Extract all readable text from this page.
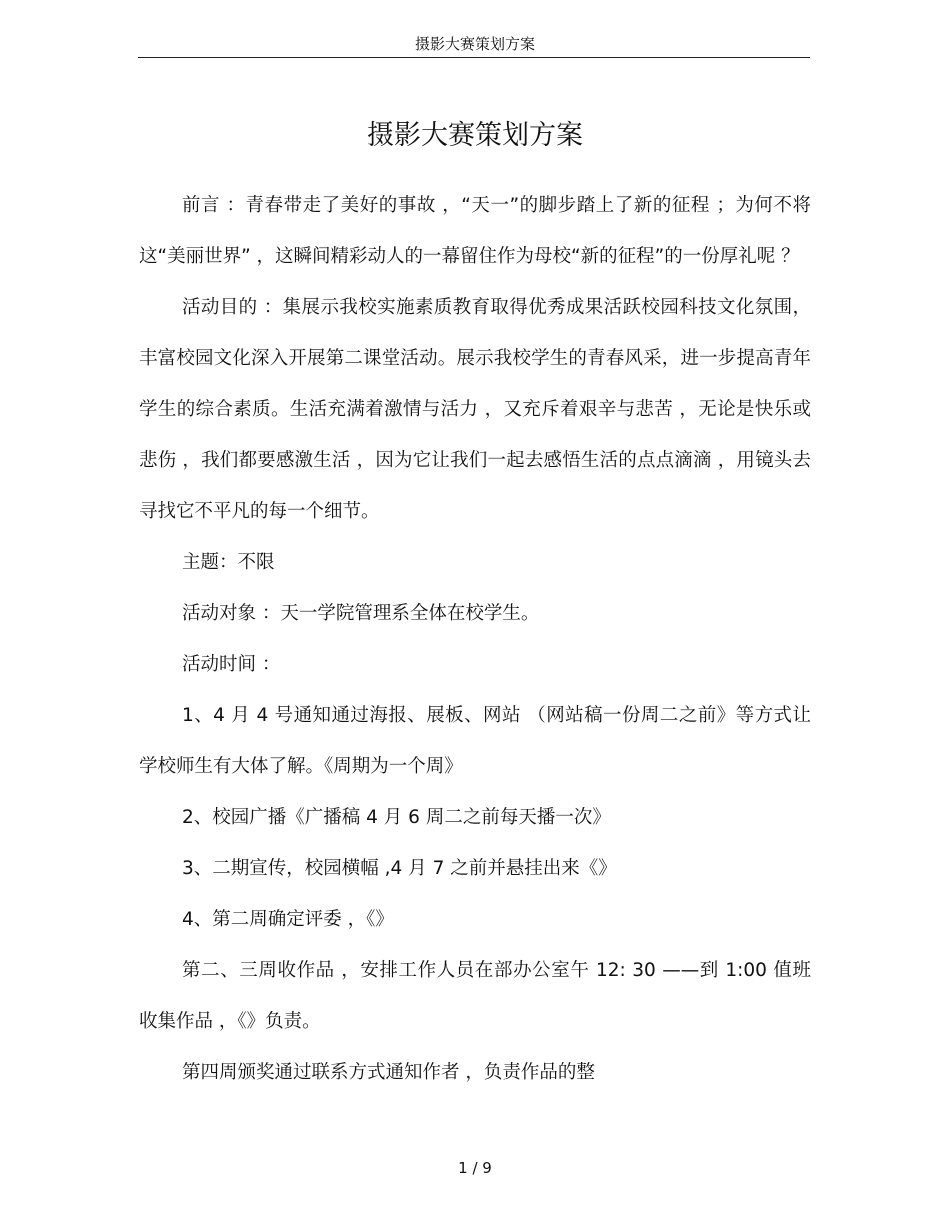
摄影大赛策划方案
摄影大赛策划方案

前言 ：青春带走了美好的事故 ，“天一”的脚步踏上了新的征程 ；为何不将这“美丽世界” ，这瞬间精彩动人的一幕留住作为母校“新的征程”的一份厚礼呢 ？

活动目的 ：集展示我校实施素质教育取得优秀成果活跃校园科技文化氛围，丰富校园文化深入开展第二课堂活动。展示我校学生的青春风采，进一步提高青年学生的综合素质。生活充满着激情与活力 ，又充斥着艰辛与悲苦 ，无论是快乐或悲伤 ，我们都要感激生活 ，因为它让我们一起去感悟生活的点点滴滴 ，用镜头去寻找它不平凡的每一个细节。

主题：不限

活动对象 ：天一学院管理系全体在校学生。

活动时间 ：

1、4 月 4 号通知通过海报、展板、网站 （网站稿一份周二之前》等方式让学校师生有大体了解。《周期为一个周》

2、校园广播《广播稿 4 月 6 周二之前每天播一次》

3、二期宣传，校园横幅 ,4 月 7 之前并悬挂出来《》

4、第二周确定评委 ，《》

第二、三周收作品 ，安排工作人员在部办公室午 12: 30 ——到 1:00 值班收集作品 ，《》负责。

第四周颁奖通过联系方式通知作者 ，负责作品的整

1 / 9
